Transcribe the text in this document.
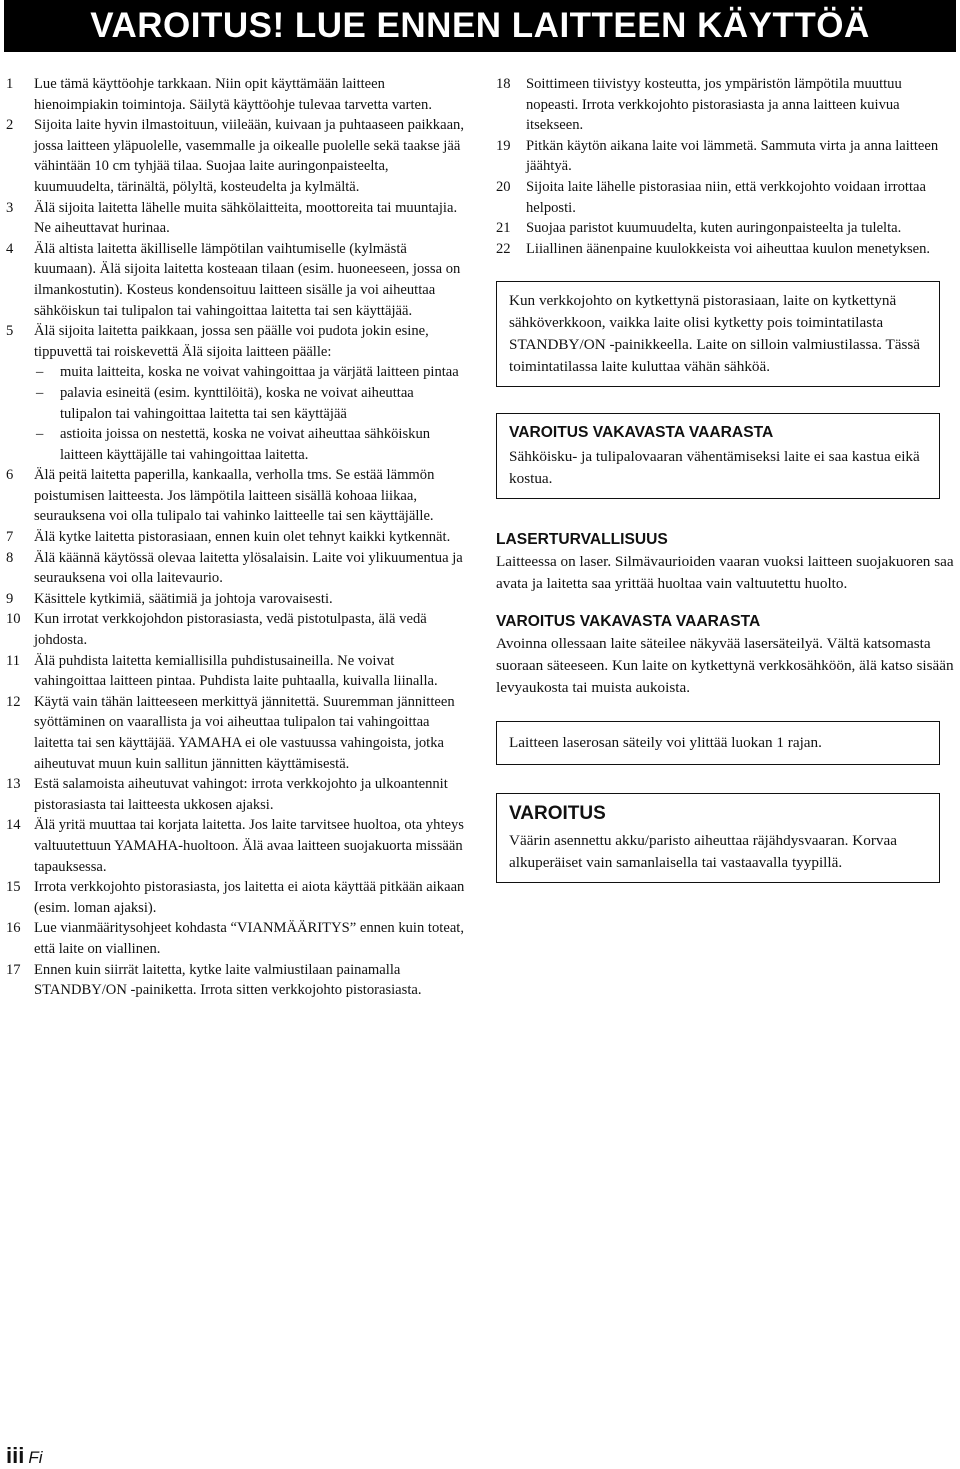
VAROITUS! LUE ENNEN LAITTEEN KÄYTTÖÄ
1 Lue tämä käyttöohje tarkkaan. Niin opit käyttämään laitteen hienoimpiakin toimintoja. Säilytä käyttöohje tulevaa tarvetta varten.
2 Sijoita laite hyvin ilmastoituun, viileään, kuivaan ja puhtaaseen paikkaan, jossa laitteen yläpuolelle, vasemmalle ja oikealle puolelle sekä taakse jää vähintään 10 cm tyhjää tilaa. Suojaa laite auringonpaisteelta, kuumuudelta, tärinältä, pölyltä, kosteudelta ja kylmältä.
3 Älä sijoita laitetta lähelle muita sähkölaitteita, moottoreita tai muuntajia. Ne aiheuttavat hurinaa.
4 Älä altista laitetta äkilliselle lämpötilan vaihtumiselle (kylmästä kuumaan). Älä sijoita laitetta kosteaan tilaan (esim. huoneeseen, jossa on ilmankostutin). Kosteus kondensoituu laitteen sisälle ja voi aiheuttaa sähköiskun tai tulipalon tai vahingoittaa laitetta tai sen käyttäjää.
5 Älä sijoita laitetta paikkaan, jossa sen päälle voi pudota jokin esine, tippuvettä tai roiskevettä Älä sijoita laitteen päälle:
– muita laitteita, koska ne voivat vahingoittaa ja värjätä laitteen pintaa
– palavia esineitä (esim. kynttilöitä), koska ne voivat aiheuttaa tulipalon tai vahingoittaa laitetta tai sen käyttäjää
– astioita joissa on nestettä, koska ne voivat aiheuttaa sähköiskun laitteen käyttäjälle tai vahingoittaa laitetta.
6 Älä peitä laitetta paperilla, kankaalla, verholla tms. Se estää lämmön poistumisen laitteesta. Jos lämpötila laitteen sisällä kohoaa liikaa, seurauksena voi olla tulipalo tai vahinko laitteelle tai sen käyttäjälle.
7 Älä kytke laitetta pistorasiaan, ennen kuin olet tehnyt kaikki kytkennät.
8 Älä käännä käytössä olevaa laitetta ylösalaisin. Laite voi ylikuumentua ja seurauksena voi olla laitevaurio.
9 Käsittele kytkimiä, säätimiä ja johtoja varovaisesti.
10 Kun irrotat verkkojohdon pistorasiasta, vedä pistotulpasta, älä vedä johdosta.
11 Älä puhdista laitetta kemiallisilla puhdistusaineilla. Ne voivat vahingoittaa laitteen pintaa. Puhdista laite puhtaalla, kuivalla liinalla.
12 Käytä vain tähän laitteeseen merkittyä jännitettä. Suuremman jännitteen syöttäminen on vaarallista ja voi aiheuttaa tulipalon tai vahingoittaa laitetta tai sen käyttäjää. YAMAHA ei ole vastuussa vahingoista, jotka aiheutuvat muun kuin sallitun jännitten käyttämisestä.
13 Estä salamoista aiheutuvat vahingot: irrota verkkojohto ja ulkoantennit pistorasiasta tai laitteesta ukkosen ajaksi.
14 Älä yritä muuttaa tai korjata laitetta. Jos laite tarvitsee huoltoa, ota yhteys valtuutettuun YAMAHA-huoltoon. Älä avaa laitteen suojakuorta missään tapauksessa.
15 Irrota verkkojohto pistorasiasta, jos laitetta ei aiota käyttää pitkään aikaan (esim. loman ajaksi).
16 Lue vianmääritysohjeet kohdasta “VIANMÄÄRITYS” ennen kuin toteat, että laite on viallinen.
17 Ennen kuin siirrät laitetta, kytke laite valmiustilaan painamalla STANDBY/ON -painiketta. Irrota sitten verkkojohto pistorasiasta.
18 Soittimeen tiivistyy kosteutta, jos ympäristön lämpötila muuttuu nopeasti. Irrota verkkojohto pistorasiasta ja anna laitteen kuivua itsekseen.
19 Pitkän käytön aikana laite voi lämmetä. Sammuta virta ja anna laitteen jäähtyä.
20 Sijoita laite lähelle pistorasiaa niin, että verkkojohto voidaan irrottaa helposti.
21 Suojaa paristot kuumuudelta, kuten auringonpaisteelta ja tulelta.
22 Liiallinen äänenpaine kuulokkeista voi aiheuttaa kuulon menetyksen.
Kun verkkojohto on kytkettynä pistorasiaan, laite on kytkettynä sähköverkkoon, vaikka laite olisi kytketty pois toimintatilasta STANDBY/ON -painikkeella. Laite on silloin valmiustilassa. Tässä toimintatilassa laite kuluttaa vähän sähköä.
VAROITUS VAKAVASTA VAARASTA
Sähköisku- ja tulipalovaaran vähentämiseksi laite ei saa kastua eikä kostua.

LASERTURVALLISUUS

Laitteessa on laser. Silmävaurioiden vaaran vuoksi laitteen suojakuoren saa avata ja laitetta saa yrittää huoltaa vain valtuutettu huolto.

VAROITUS VAKAVASTA VAARASTA

Avoinna ollessaan laite säteilee näkyvää lasersäteilyä. Vältä katsomasta suoraan säteeseen. Kun laite on kytkettynä verkkosähköön, älä katso sisään levyaukosta tai muista aukoista.

Laitteen laserosan säteily voi ylittää luokan 1 rajan.
VAROITUS
Väärin asennettu akku/paristo aiheuttaa räjähdysvaaran. Korvaa alkuperäiset vain samanlaisella tai vastaavalla tyypillä.
iii Fi
